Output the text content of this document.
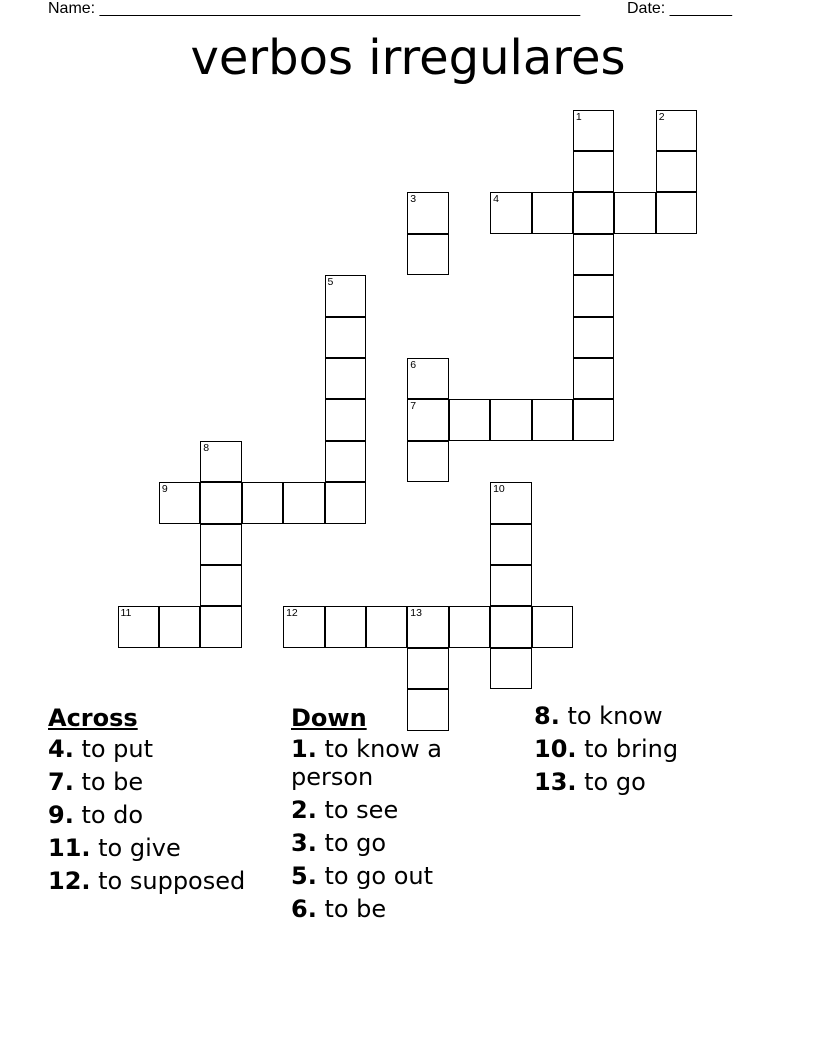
Name: ______________________________________________________	Date: _______
verbos irregulares
1	2
3	4
5
6
7
8
9	10
11	12	13
Across
4. to put
7. to be
9. to do
11. to give
12. to supposed
Down
1. to know a person
2. to see
3. to go
5. to go out
6. to be
8. to know
10. to bring
13. to go
